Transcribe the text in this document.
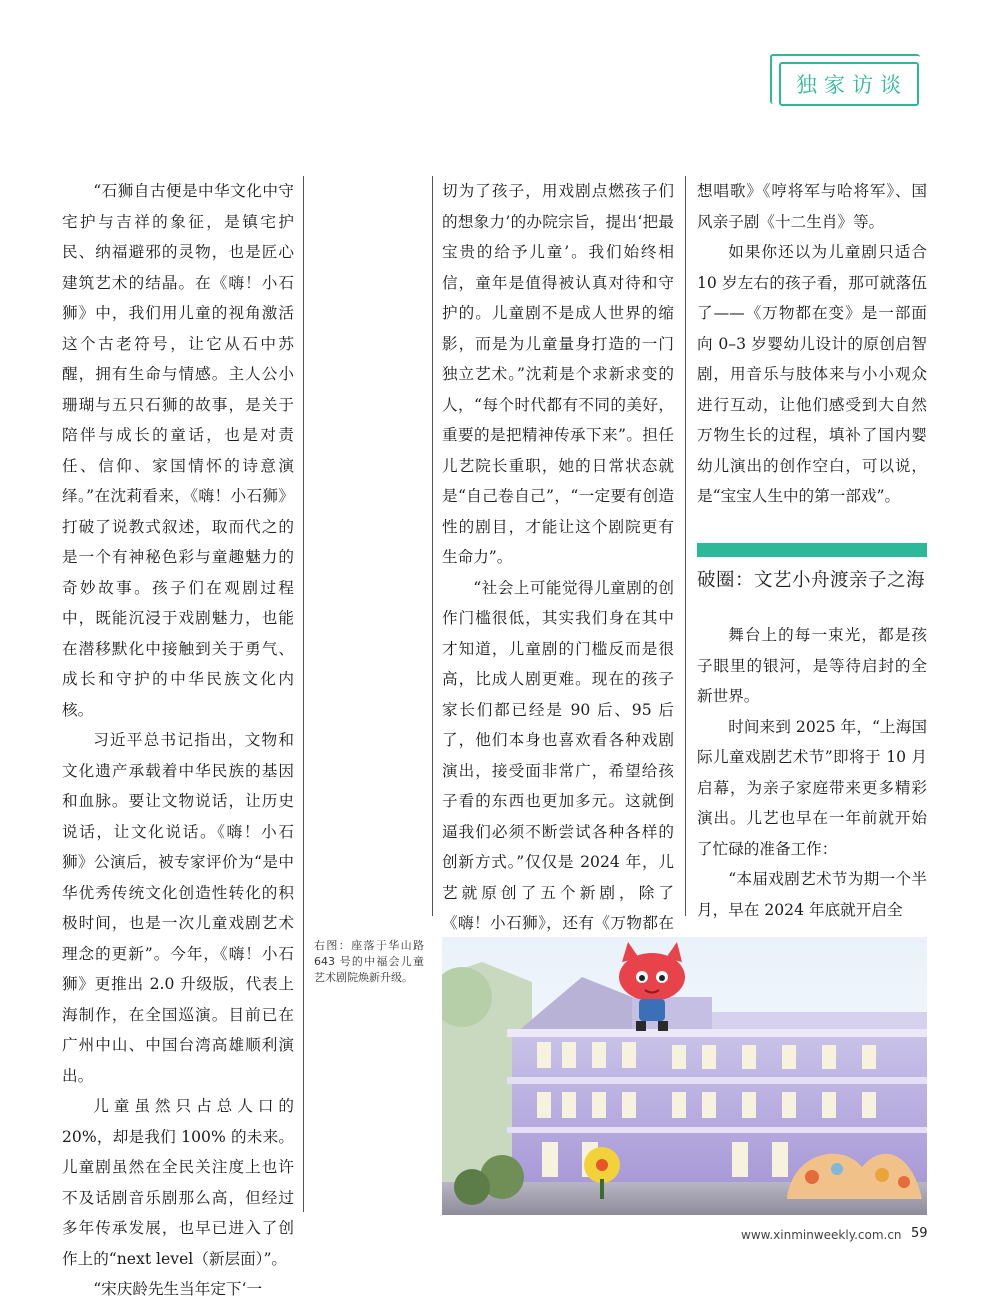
独家访谈

“石狮自古便是中华文化中守宅护与吉祥的象征，是镇宅护民、纳福避邪的灵物，也是匠心建筑艺术的结晶。在《嗨！小石狮》中，我们用儿童的视角激活这个古老符号，让它从石中苏醒，拥有生命与情感。主人公小珊瑚与五只石狮的故事，是关于陪伴与成长的童话，也是对责任、信仰、家国情怀的诗意演绎。”在沈莉看来，《嗨！小石狮》打破了说教式叙述，取而代之的是一个有神秘色彩与童趣魅力的奇妙故事。孩子们在观剧过程中，既能沉浸于戏剧魅力，也能在潜移默化中接触到关于勇气、成长和守护的中华民族文化内核。

习近平总书记指出，文物和文化遗产承载着中华民族的基因和血脉。要让文物说话，让历史说话，让文化说话。《嗨！小石狮》公演后，被专家评价为“是中华优秀传统文化创造性转化的积极时间，也是一次儿童戏剧艺术理念的更新”。今年，《嗨！小石狮》更推出 2.0 升级版，代表上海制作，在全国巡演。目前已在广州中山、中国台湾高雄顺利演出。

儿童虽然只占总人口的 20%，却是我们 100% 的未来。儿童剧虽然在全民关注度上也许不及话剧音乐剧那么高，但经过多年传承发展，也早已进入了创作上的“next level（新层面）”。

“宋庆龄先生当年定下‘一

切为了孩子，用戏剧点燃孩子们的想象力’的办院宗旨，提出‘把最宝贵的给予儿童’。我们始终相信，童年是值得被认真对待和守护的。儿童剧不是成人世界的缩影，而是为儿童量身打造的一门独立艺术。”沈莉是个求新求变的人，“每个时代都有不同的美好，重要的是把精神传承下来”。担任儿艺院长重职，她的日常状态就是“自己卷自己”，“一定要有创造性的剧目，才能让这个剧院更有生命力”。

“社会上可能觉得儿童剧的创作门槛很低，其实我们身在其中才知道，儿童剧的门槛反而是很高，比成人剧更难。现在的孩子家长们都已经是 90 后、95 后了，他们本身也喜欢看各种戏剧演出，接受面非常广，希望给孩子看的东西也更加多元。这就倒逼我们必须不断尝试各种各样的创新方式。”仅仅是 2024 年，儿艺就原创了五个新剧，除了《嗨！小石狮》，还有《万物都在

想唱歌》《哼将军与哈将军》、国风亲子剧《十二生肖》等。

如果你还以为儿童剧只适合 10 岁左右的孩子看，那可就落伍了——《万物都在变》是一部面向 0–3 岁婴幼儿设计的原创启智剧，用音乐与肢体来与小小观众进行互动，让他们感受到大自然万物生长的过程，填补了国内婴幼儿演出的创作空白，可以说，是“宝宝人生中的第一部戏”。

破圈：文艺小舟渡亲子之海

舞台上的每一束光，都是孩子眼里的银河，是等待启封的全新世界。

时间来到 2025 年，“上海国际儿童戏剧艺术节”即将于 10 月启幕，为亲子家庭带来更多精彩演出。儿艺也早在一年前就开始了忙碌的准备工作：

“本届戏剧艺术节为期一个半月，早在 2024 年底就开启全

右图：座落于华山路 643 号的中福会儿童艺术剧院焕新升级。
www.xinminweekly.com.cn 59
